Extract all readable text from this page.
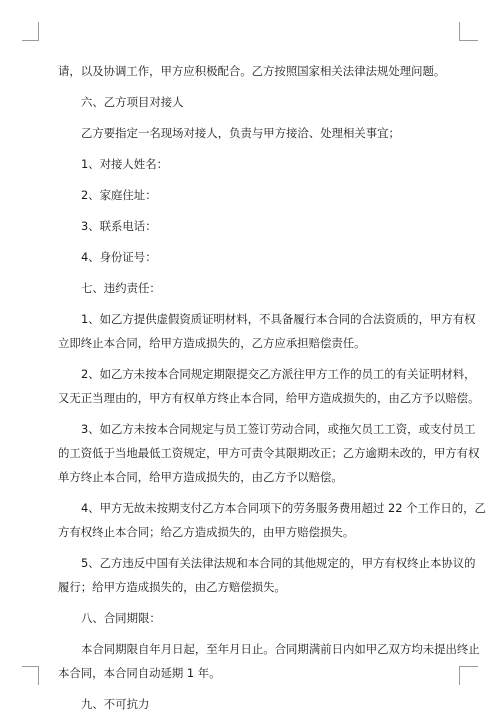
请，以及协调工作，甲方应积极配合。乙方按照国家相关法律法规处理问题。

六、乙方项目对接人

乙方要指定一名现场对接人，负责与甲方接洽、处理相关事宜；

1、对接人姓名：

2、家庭住址：

3、联系电话：

4、身份证号：

七、违约责任：

1、如乙方提供虚假资质证明材料，不具备履行本合同的合法资质的，甲方有权

立即终止本合同，给甲方造成损失的，乙方应承担赔偿责任。

2、如乙方未按本合同规定期限提交乙方派往甲方工作的员工的有关证明材料，

又无正当理由的，甲方有权单方终止本合同，给甲方造成损失的，由乙方予以赔偿。

3、如乙方未按本合同规定与员工签订劳动合同，或拖欠员工工资，或支付员工

的工资低于当地最低工资规定，甲方可责令其限期改正；乙方逾期未改的，甲方有权

单方终止本合同，给甲方造成损失的，由乙方予以赔偿。

4、甲方无故未按期支付乙方本合同项下的劳务服务费用超过 22 个工作日的，乙

方有权终止本合同；给乙方造成损失的，由甲方赔偿损失。

5、乙方违反中国有关法律法规和本合同的其他规定的，甲方有权终止本协议的

履行；给甲方造成损失的，由乙方赔偿损失。

八、合同期限：

本合同期限自年月日起，至年月日止。合同期满前日内如甲乙双方均未提出终止

本合同，本合同自动延期 1 年。

九、不可抗力
